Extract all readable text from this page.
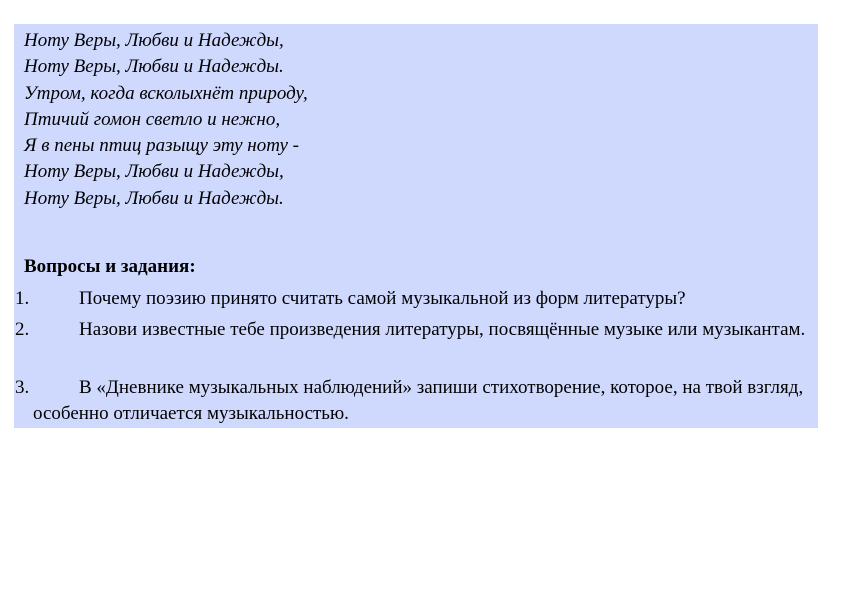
Ноту Веры, Любви и Надежды,
Ноту Веры, Любви и Надежды.
Утром, когда всколыхнёт природу,
Птичий гомон светло и нежно,
Я в пены птиц разыщу эту ноту -
Ноту Веры, Любви и Надежды,
Ноту Веры, Любви и Надежды.
Вопросы и задания:
1.	Почему поэзию принято считать самой музыкальной из форм литературы?
2.	Назови известные тебе произведения литературы, посвящённые музыке или музыкантам.
3.	В «Дневнике музыкальных наблюдений» запиши стихотворение, которое, на твой взгляд, особенно отличается музыкальностью.
